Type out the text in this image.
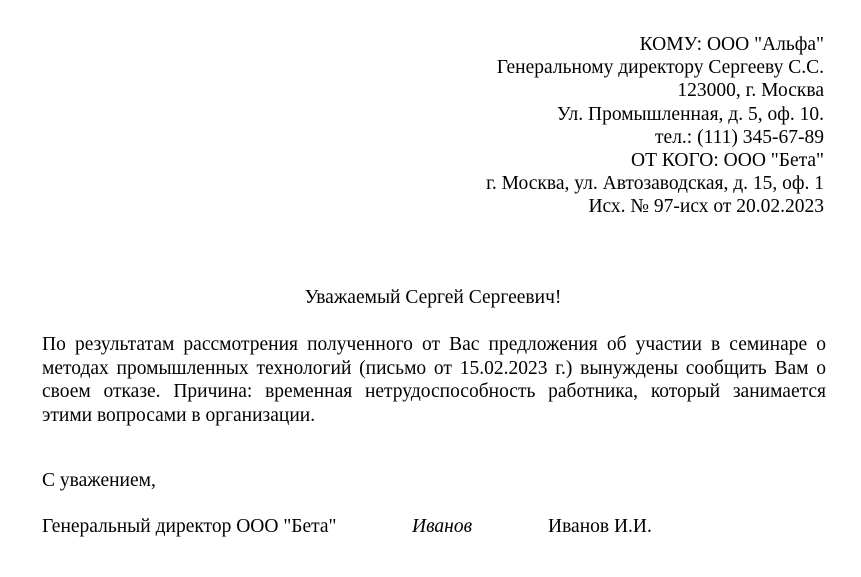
КОМУ: ООО "Альфа"
Генеральному директору Сергееву С.С.
123000, г. Москва
Ул. Промышленная, д. 5, оф. 10.
тел.: (111) 345-67-89
ОТ КОГО: ООО "Бета"
г. Москва, ул. Автозаводская, д. 15, оф. 1
Исх. № 97-исх от 20.02.2023
Уважаемый Сергей Сергеевич!
По результатам рассмотрения полученного от Вас предложения об участии в семинаре о
методах промышленных технологий (письмо от 15.02.2023 г.) вынуждены сообщить Вам о
своем отказе. Причина: временная нетрудоспособность работника, который занимается
этими вопросами в организации.
С уважением,
Генеральный директор ООО "Бета"	Иванов	Иванов И.И.
